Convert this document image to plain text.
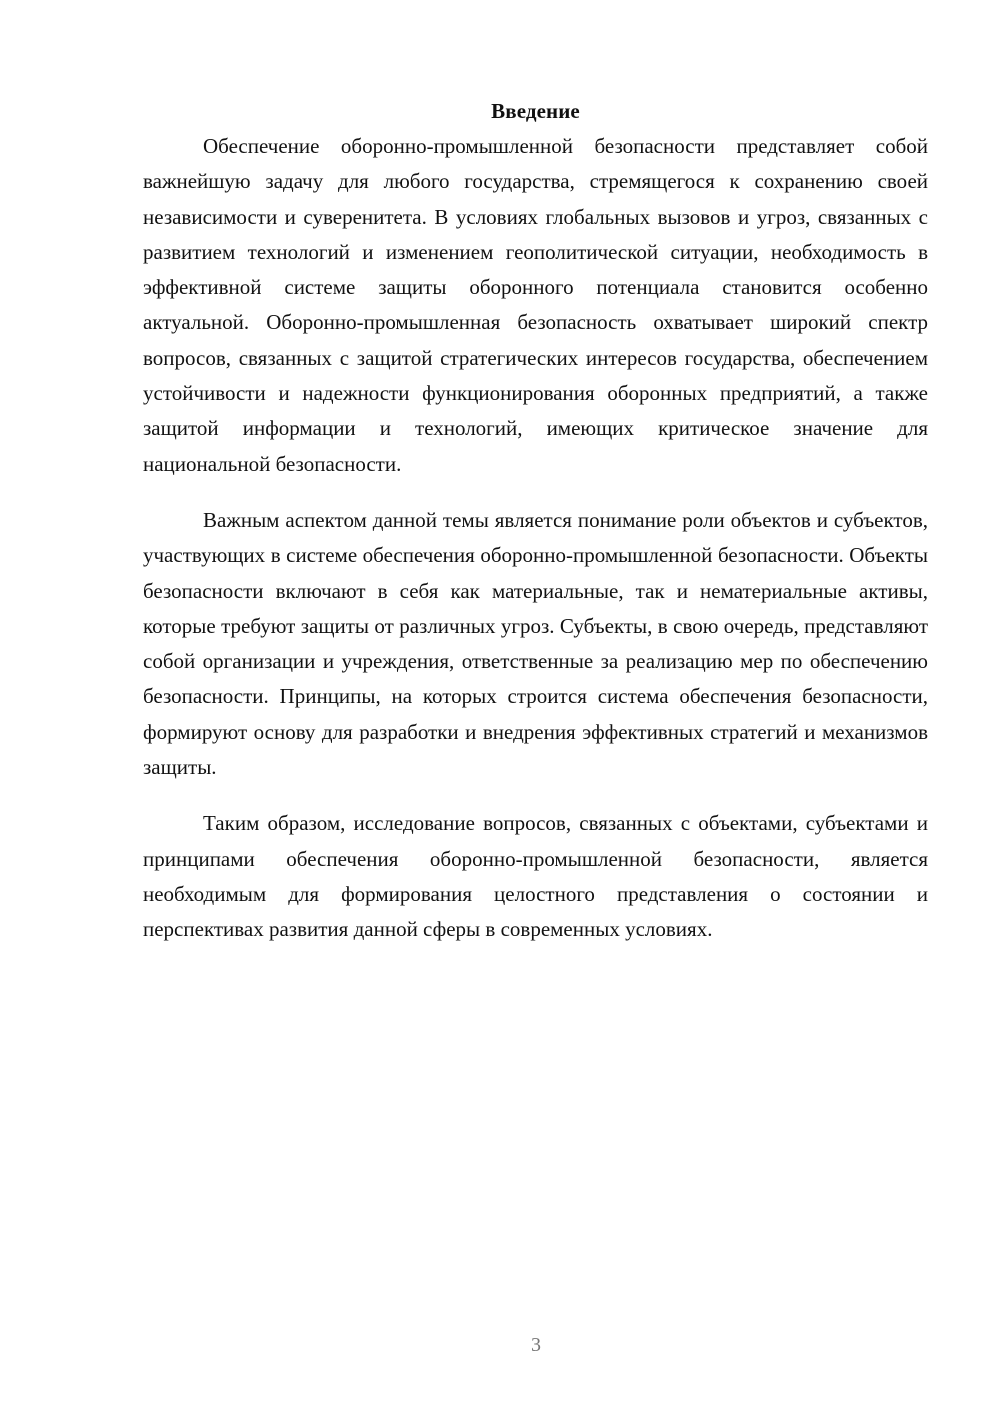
Введение

Обеспечение оборонно-промышленной безопасности представляет собой важнейшую задачу для любого государства, стремящегося к сохранению своей независимости и суверенитета. В условиях глобальных вызовов и угроз, связанных с развитием технологий и изменением геополитической ситуации, необходимость в эффективной системе защиты оборонного потенциала становится особенно актуальной. Оборонно-промышленная безопасность охватывает широкий спектр вопросов, связанных с защитой стратегических интересов государства, обеспечением устойчивости и надежности функционирования оборонных предприятий, а также защитой информации и технологий, имеющих критическое значение для национальной безопасности.

Важным аспектом данной темы является понимание роли объектов и субъектов, участвующих в системе обеспечения оборонно-промышленной безопасности. Объекты безопасности включают в себя как материальные, так и нематериальные активы, которые требуют защиты от различных угроз. Субъекты, в свою очередь, представляют собой организации и учреждения, ответственные за реализацию мер по обеспечению безопасности. Принципы, на которых строится система обеспечения безопасности, формируют основу для разработки и внедрения эффективных стратегий и механизмов защиты.

Таким образом, исследование вопросов, связанных с объектами, субъектами и принципами обеспечения оборонно-промышленной безопасности, является необходимым для формирования целостного представления о состоянии и перспективах развития данной сферы в современных условиях.

3
